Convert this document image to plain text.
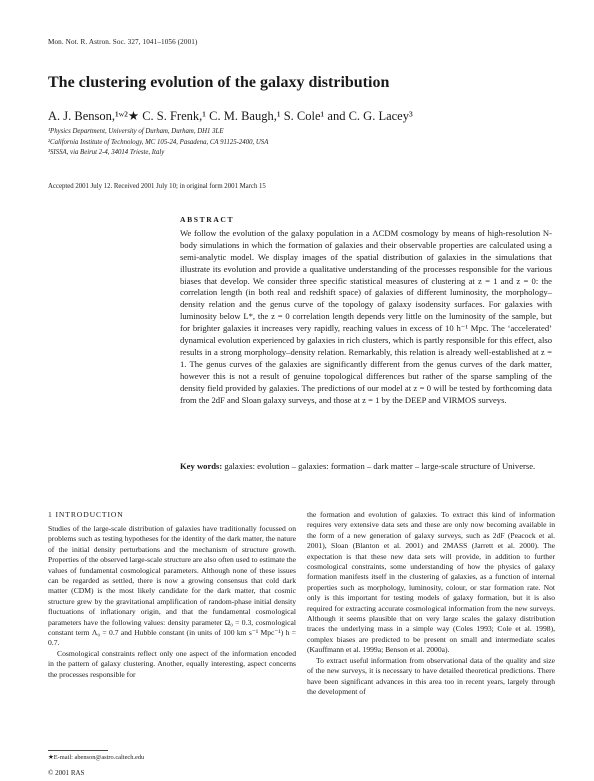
Mon. Not. R. Astron. Soc. 327, 1041–1056 (2001)
The clustering evolution of the galaxy distribution
A. J. Benson,¹ʷ²★ C. S. Frenk,¹ C. M. Baugh,¹ S. Cole¹ and C. G. Lacey³
¹Physics Department, University of Durham, Durham, DH1 3LE
²California Institute of Technology, MC 105-24, Pasadena, CA 91125-2400, USA
³SISSA, via Beirut 2-4, 34014 Trieste, Italy
Accepted 2001 July 12. Received 2001 July 10; in original form 2001 March 15
ABSTRACT
We follow the evolution of the galaxy population in a ΛCDM cosmology by means of high-resolution N-body simulations in which the formation of galaxies and their observable properties are calculated using a semi-analytic model. We display images of the spatial distribution of galaxies in the simulations that illustrate its evolution and provide a qualitative understanding of the processes responsible for the various biases that develop. We consider three specific statistical measures of clustering at z = 1 and z = 0: the correlation length (in both real and redshift space) of galaxies of different luminosity, the morphology–density relation and the genus curve of the topology of galaxy isodensity surfaces. For galaxies with luminosity below L*, the z = 0 correlation length depends very little on the luminosity of the sample, but for brighter galaxies it increases very rapidly, reaching values in excess of 10 h⁻¹ Mpc. The ‘accelerated’ dynamical evolution experienced by galaxies in rich clusters, which is partly responsible for this effect, also results in a strong morphology–density relation. Remarkably, this relation is already well-established at z = 1. The genus curves of the galaxies are significantly different from the genus curves of the dark matter, however this is not a result of genuine topological differences but rather of the sparse sampling of the density field provided by galaxies. The predictions of our model at z = 0 will be tested by forthcoming data from the 2dF and Sloan galaxy surveys, and those at z = 1 by the DEEP and VIRMOS surveys.
Key words: galaxies: evolution – galaxies: formation – dark matter – large-scale structure of Universe.
1 INTRODUCTION

Studies of the large-scale distribution of galaxies have traditionally focussed on problems such as testing hypotheses for the identity of the dark matter, the nature of the initial density perturbations and the mechanism of structure growth. Properties of the observed large-scale structure are also often used to estimate the values of fundamental cosmological parameters. Although none of these issues can be regarded as settled, there is now a growing consensus that cold dark matter (CDM) is the most likely candidate for the dark matter, that cosmic structure grew by the gravitational amplification of random-phase initial density fluctuations of inflationary origin, and that the fundamental cosmological parameters have the following values: density parameter Ω₀ = 0.3, cosmological constant term Λ₀ = 0.7 and Hubble constant (in units of 100 km s⁻¹ Mpc⁻¹) h = 0.7.

Cosmological constraints reflect only one aspect of the information encoded in the pattern of galaxy clustering. Another, equally interesting, aspect concerns the processes responsible for

the formation and evolution of galaxies. To extract this kind of information requires very extensive data sets and these are only now becoming available in the form of a new generation of galaxy surveys, such as 2dF (Peacock et al. 2001), Sloan (Blanton et al. 2001) and 2MASS (Jarrett et al. 2000). The expectation is that these new data sets will provide, in addition to further cosmological constraints, some understanding of how the physics of galaxy formation manifests itself in the clustering of galaxies, as a function of internal properties such as morphology, luminosity, colour, or star formation rate. Not only is this important for testing models of galaxy formation, but it is also required for extracting accurate cosmological information from the new surveys. Although it seems plausible that on very large scales the galaxy distribution traces the underlying mass in a simple way (Coles 1993; Cole et al. 1998), complex biases are predicted to be present on small and intermediate scales (Kauffmann et al. 1999a; Benson et al. 2000a).

To extract useful information from observational data of the quality and size of the new surveys, it is necessary to have detailed theoretical predictions. There have been significant advances in this area too in recent years, largely through the development of

★E-mail: abenson@astro.caltech.edu
© 2001 RAS
